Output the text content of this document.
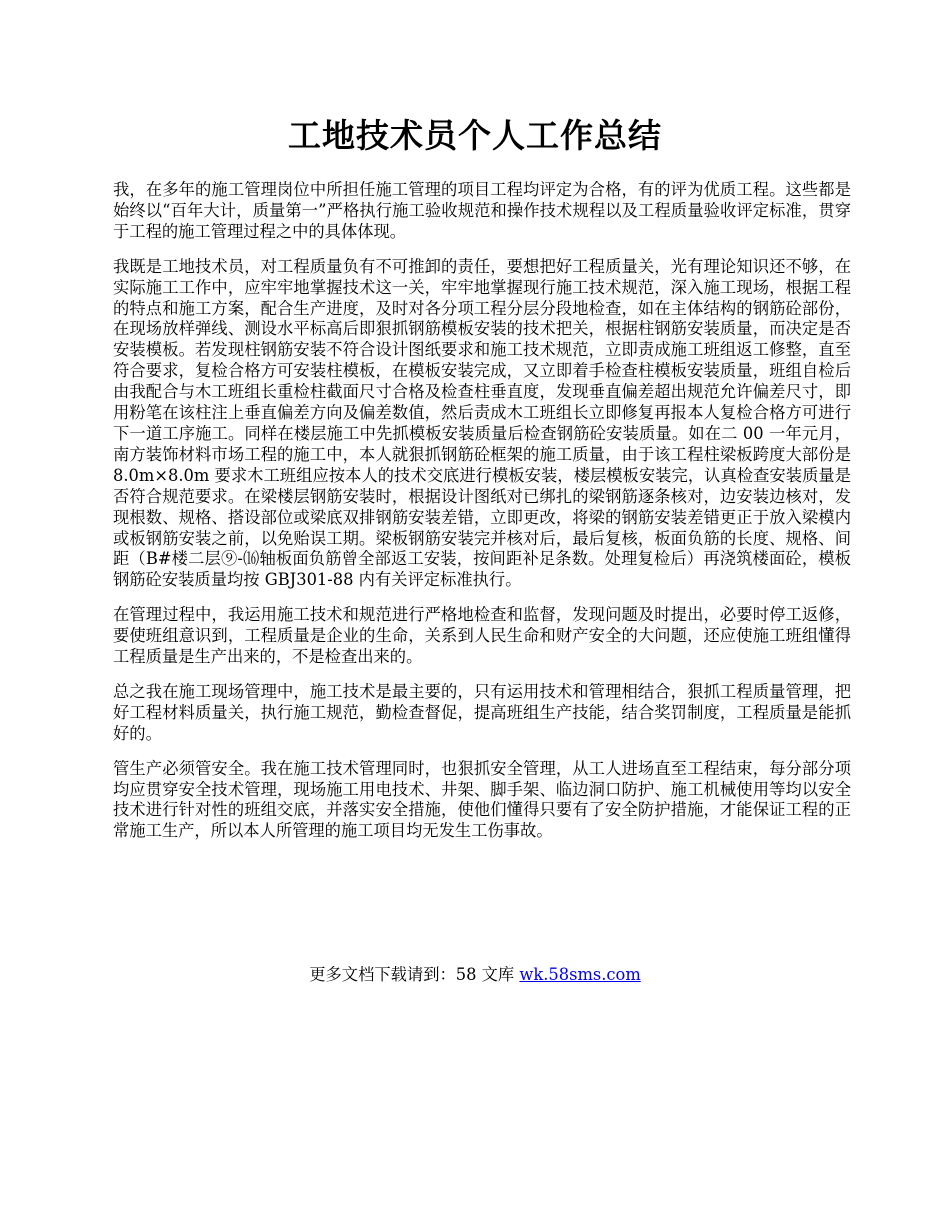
工地技术员个人工作总结

我，在多年的施工管理岗位中所担任施工管理的项目工程均评定为合格，有的评为优质工程。这些都是始终以“百年大计，质量第一”严格执行施工验收规范和操作技术规程以及工程质量验收评定标准，贯穿于工程的施工管理过程之中的具体体现。

我既是工地技术员，对工程质量负有不可推卸的责任，要想把好工程质量关，光有理论知识还不够，在实际施工工作中，应牢牢地掌握技术这一关，牢牢地掌握现行施工技术规范，深入施工现场，根据工程的特点和施工方案，配合生产进度，及时对各分项工程分层分段地检查，如在主体结构的钢筋砼部份，在现场放样弹线、测设水平标高后即狠抓钢筋模板安装的技术把关，根据柱钢筋安装质量，而决定是否安装模板。若发现柱钢筋安装不符合设计图纸要求和施工技术规范，立即责成施工班组返工修整，直至符合要求，复检合格方可安装柱模板，在模板安装完成，又立即着手检查柱模板安装质量，班组自检后由我配合与木工班组长重检柱截面尺寸合格及检查柱垂直度，发现垂直偏差超出规范允许偏差尺寸，即用粉笔在该柱注上垂直偏差方向及偏差数值，然后责成木工班组长立即修复再报本人复检合格方可进行下一道工序施工。同样在楼层施工中先抓模板安装质量后检查钢筋砼安装质量。如在二 00 一年元月，南方装饰材料市场工程的施工中，本人就狠抓钢筋砼框架的施工质量，由于该工程柱梁板跨度大部份是 8.0m×8.0m 要求木工班组应按本人的技术交底进行模板安装，楼层模板安装完，认真检查安装质量是否符合规范要求。在梁楼层钢筋安装时，根据设计图纸对已绑扎的梁钢筋逐条核对，边安装边核对，发现根数、规格、搭设部位或梁底双排钢筋安装差错，立即更改，将梁的钢筋安装差错更正于放入梁模内或板钢筋安装之前，以免贻误工期。梁板钢筋安装完并核对后，最后复核，板面负筋的长度、规格、间距（B#楼二层⑨-⒃轴板面负筋曾全部返工安装，按间距补足条数。处理复检后）再浇筑楼面砼，模板钢筋砼安装质量均按 GBJ301-88 内有关评定标准执行。

在管理过程中，我运用施工技术和规范进行严格地检查和监督，发现问题及时提出，必要时停工返修，要使班组意识到，工程质量是企业的生命，关系到人民生命和财产安全的大问题，还应使施工班组懂得工程质量是生产出来的，不是检查出来的。

总之我在施工现场管理中，施工技术是最主要的，只有运用技术和管理相结合，狠抓工程质量管理，把好工程材料质量关，执行施工规范，勤检查督促，提高班组生产技能，结合奖罚制度，工程质量是能抓好的。

管生产必须管安全。我在施工技术管理同时，也狠抓安全管理，从工人进场直至工程结束，每分部分项均应贯穿安全技术管理，现场施工用电技术、井架、脚手架、临边洞口防护、施工机械使用等均以安全技术进行针对性的班组交底，并落实安全措施，使他们懂得只要有了安全防护措施，才能保证工程的正常施工生产，所以本人所管理的施工项目均无发生工伤事故。

更多文档下载请到：58 文库 wk.58sms.com
